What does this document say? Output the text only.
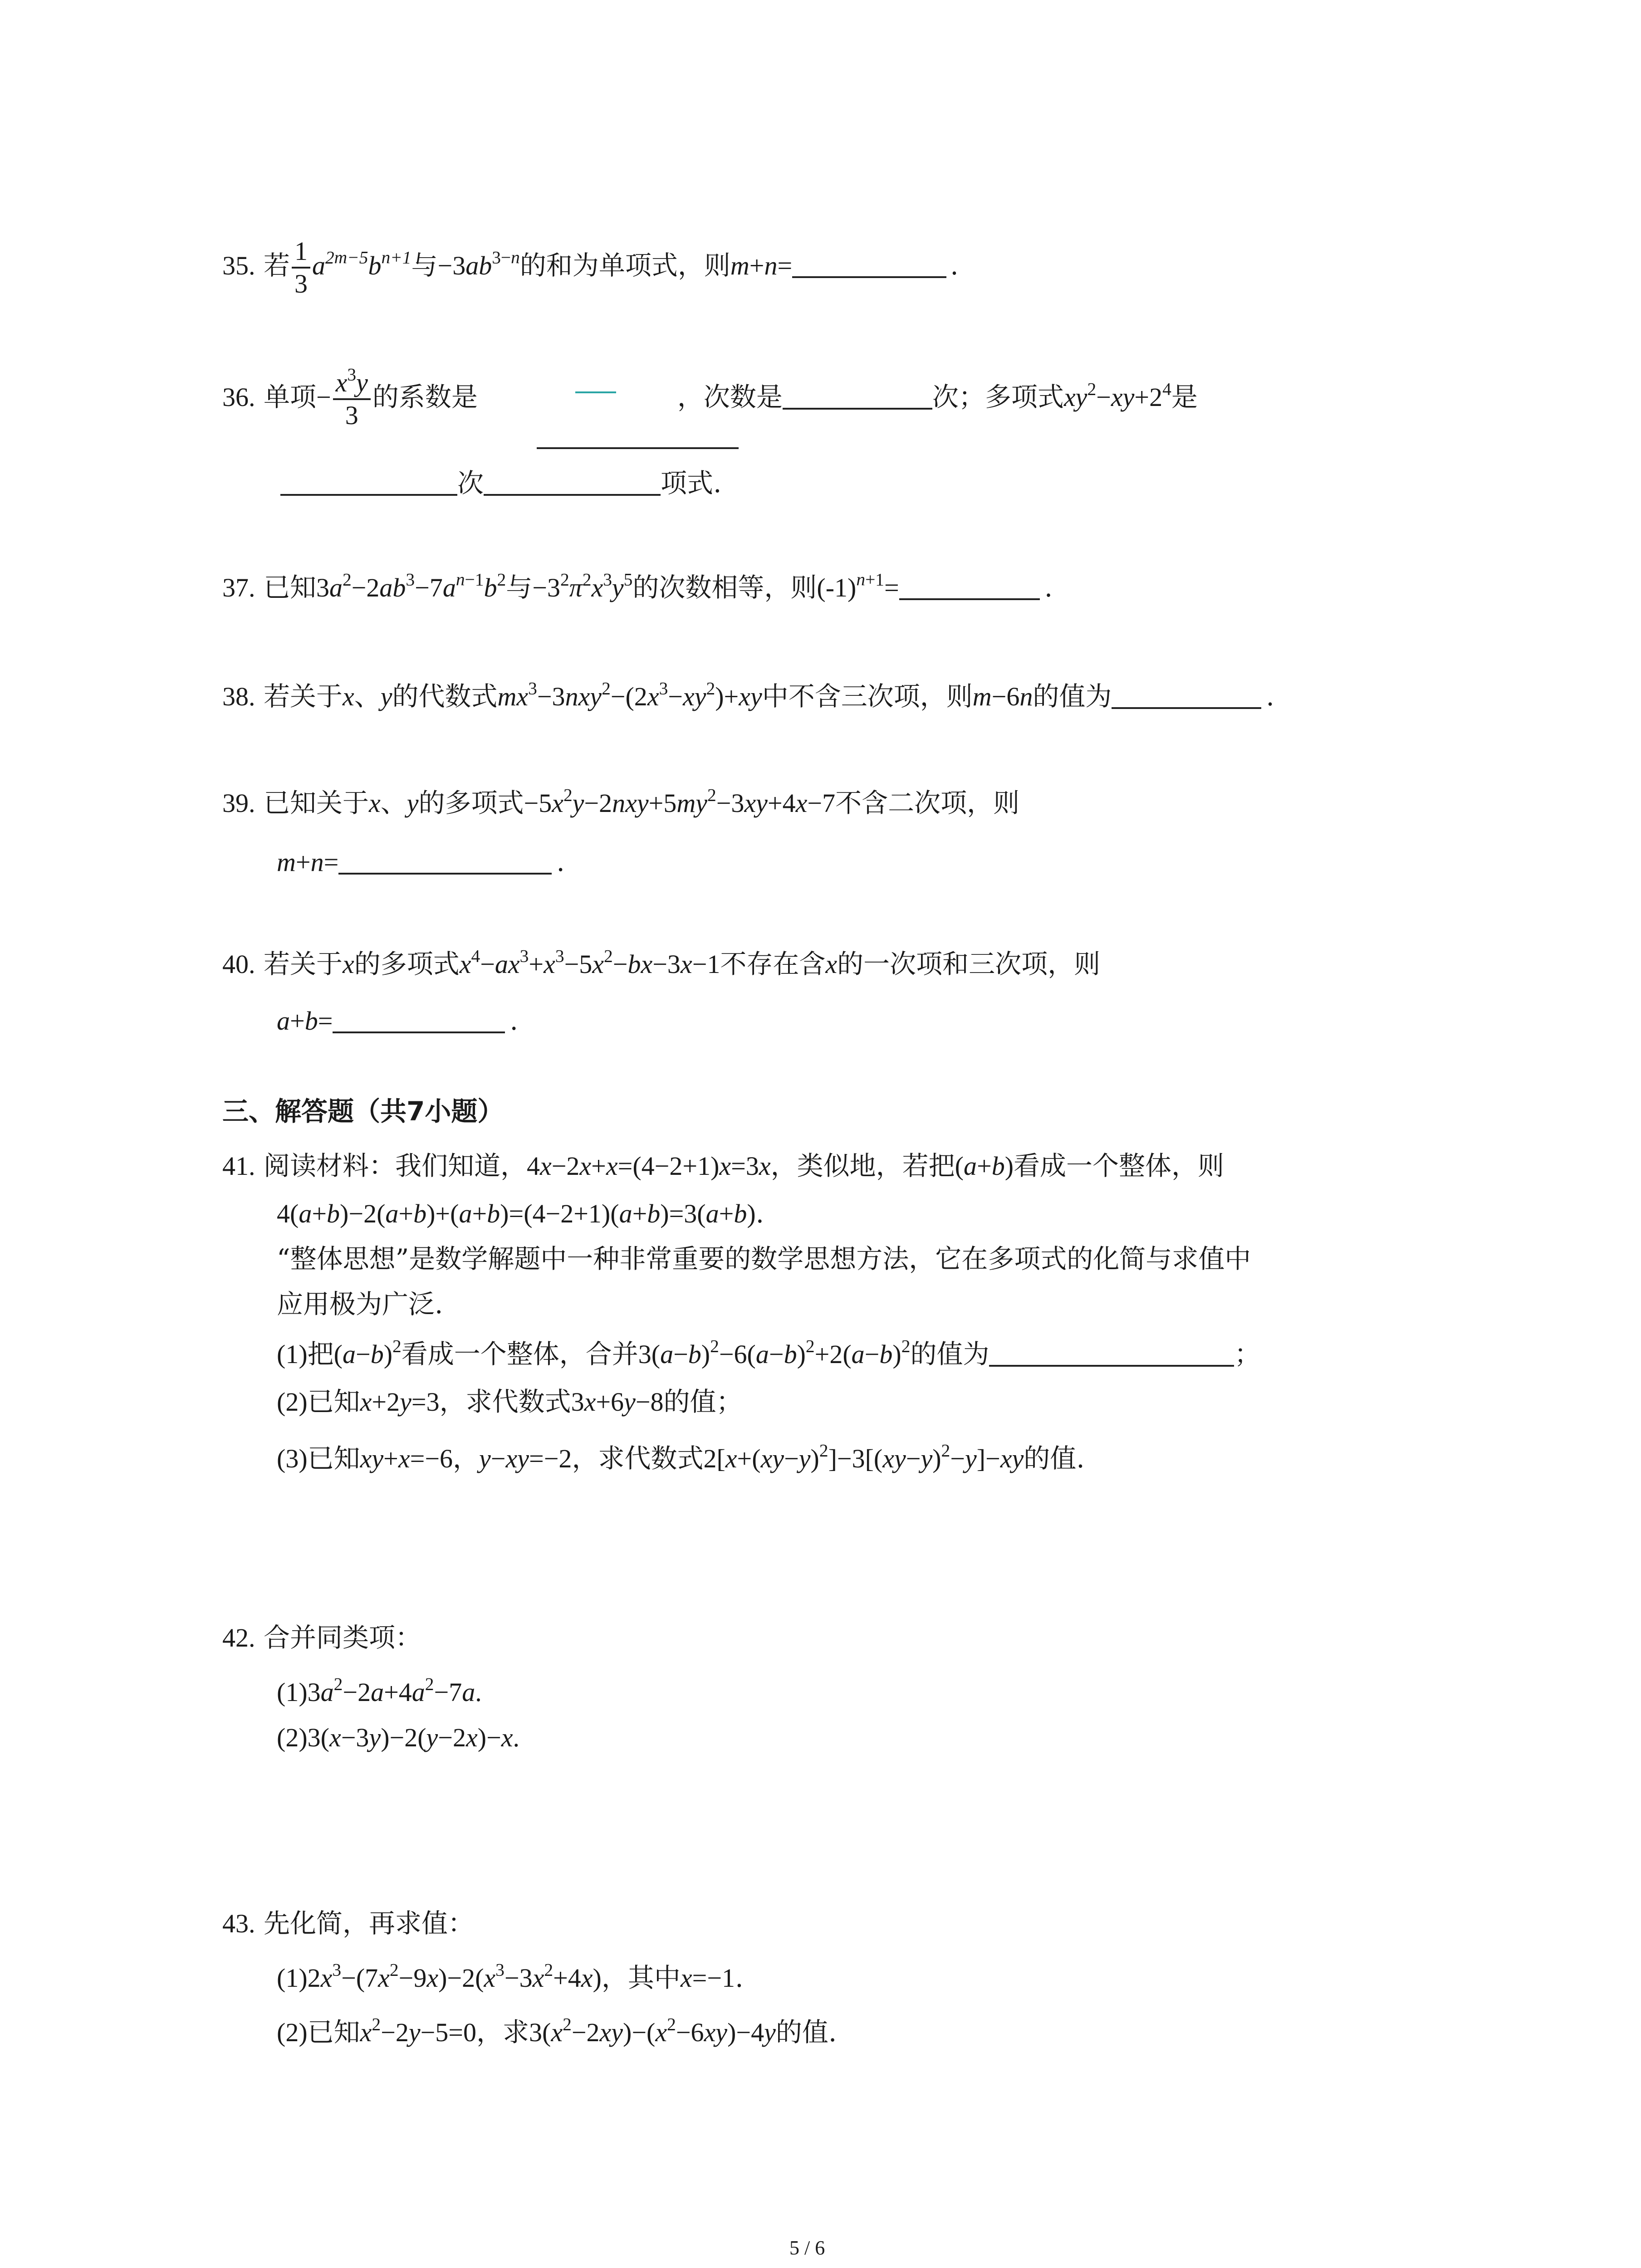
35. 若 $\frac{1}{3} a^{2m-5}b^{n+1}$与$-3ab^{3-n}$的和为单项式，则m+n=	.
36. 单项− $\frac{x^3y}{3}$ 的系数是	，次数是	次；多项式$xy^2-xy+2^4$是
次	项式.
37. 已知$3a^2-2ab^3-7a^{n-1}b^2$与$-3^2\pi^2x^3y^5$的次数相等，则$(-1)^{n+1}=$	.
38. 若关于x、y的代数式$mx^3-3nxy^2-(2x^3-xy^2)+xy$中不含三次项，则m−6n的值为	.
39. 已知关于x、y的多项式$-5x^2y-2nxy+5my^2-3xy+4x-7$不含二次项，则
m+n=	.
40. 若关于x的多项式$x^4-ax^3+x^3-5x^2-bx-3x-1$不存在含x的一次项和三次项，则
a+b=	.
三、解答题（共7小题）
41. 阅读材料：我们知道，4x−2x+x=(4−2+1)x=3x，类似地，若把(a+b)看成一个整体，则
4(a+b)−2(a+b)+(a+b)=(4−2+1)(a+b)=3(a+b).
“整体思想”是数学解题中一种非常重要的数学思想方法，它在多项式的化简与求值中
应用极为广泛.
(1)把$(a-b)^2$看成一个整体，合并$3(a-b)^2-6(a-b)^2+2(a-b)^2$的值为	；
(2)已知x+2y=3，求代数式3x+6y−8的值；
(3)已知xy+x=−6，y−xy=−2，求代数式$2[x+(xy-y)^2]-3[(xy-y)^2-y]-xy$的值.
42. 合并同类项：
$(1)3a^2-2a+4a^2-7a$.
(2)3(x−3y)−2(y−2x)−x.
43. 先化简，再求值：
$(1)2x^3-(7x^2-9x)-2(x^3-3x^2+4x)$，其中x=−1.
(2)已知$x^2-2y-5=0$，求$3(x^2-2xy)-(x^2-6xy)-4y$的值.
5 / 6
